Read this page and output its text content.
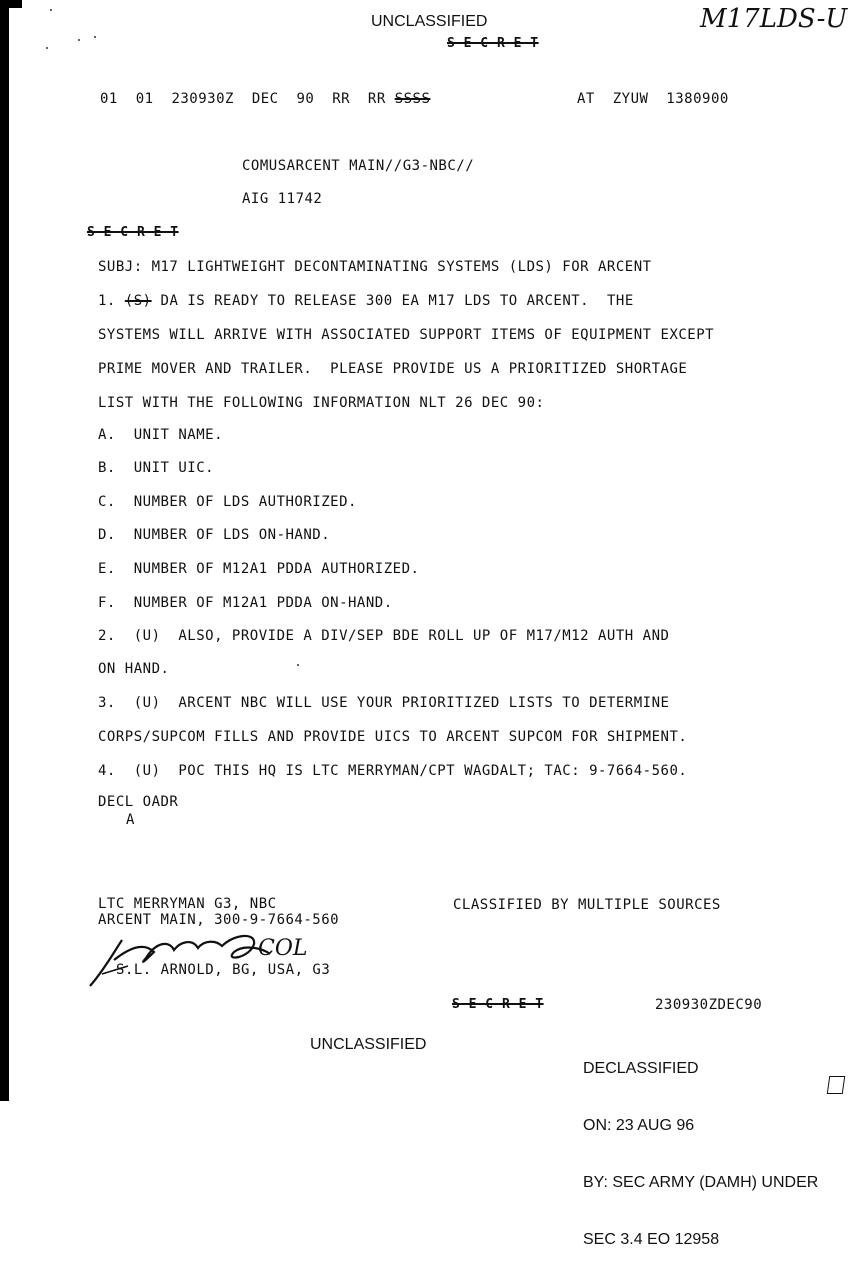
UNCLASSIFIED
S E C R E T
M17LDS-U
01 01 230930Z DEC 90 RR RR SSSS	AT ZYUW 1380900
COMUSARCENT MAIN//G3-NBC//
AIG 11742
S E C R E T
SUBJ: M17 LIGHTWEIGHT DECONTAMINATING SYSTEMS (LDS) FOR ARCENT
1. (S) DA IS READY TO RELEASE 300 EA M17 LDS TO ARCENT.  THE
SYSTEMS WILL ARRIVE WITH ASSOCIATED SUPPORT ITEMS OF EQUIPMENT EXCEPT
PRIME MOVER AND TRAILER.  PLEASE PROVIDE US A PRIORITIZED SHORTAGE
LIST WITH THE FOLLOWING INFORMATION NLT 26 DEC 90:
A. UNIT NAME.
B. UNIT UIC.
C. NUMBER OF LDS AUTHORIZED.
D. NUMBER OF LDS ON-HAND.
E. NUMBER OF M12A1 PDDA AUTHORIZED.
F. NUMBER OF M12A1 PDDA ON-HAND.
2.  (U)  ALSO, PROVIDE A DIV/SEP BDE ROLL UP OF M17/M12 AUTH AND
ON HAND.
3.  (U)  ARCENT NBC WILL USE YOUR PRIORITIZED LISTS TO DETERMINE
CORPS/SUPCOM FILLS AND PROVIDE UICS TO ARCENT SUPCOM FOR SHIPMENT.
4.  (U)  POC THIS HQ IS LTC MERRYMAN/CPT WAGDALT; TAC: 9-7664-560.
DECL OADR
A
LTC MERRYMAN G3, NBC
ARCENT MAIN, 300-9-7664-560
CLASSIFIED BY MULTIPLE SOURCES
COL
S.L. ARNOLD, BG, USA, G3
S E C R E T	230930ZDEC90
UNCLASSIFIED

DECLASSIFIED

ON: 23 AUG 96

BY: SEC ARMY (DAMH) UNDER

SEC 3.4 EO 12958
